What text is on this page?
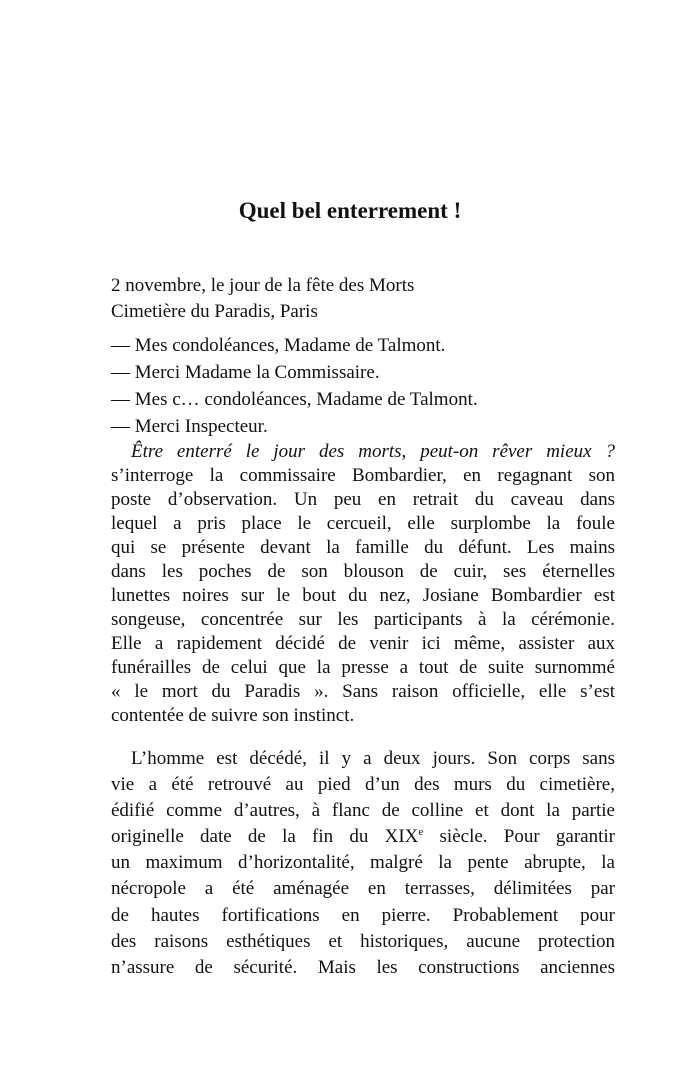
Quel bel enterrement !
2 novembre, le jour de la fête des Morts
Cimetière du Paradis, Paris
— Mes condoléances, Madame de Talmont.
— Merci Madame la Commissaire.
— Mes c… condoléances, Madame de Talmont.
— Merci Inspecteur.
Être enterré le jour des morts, peut-on rêver mieux ?
s’interroge la commissaire Bombardier, en regagnant son
poste d’observation. Un peu en retrait du caveau dans
lequel a pris place le cercueil, elle surplombe la foule
qui se présente devant la famille du défunt. Les mains
dans les poches de son blouson de cuir, ses éternelles
lunettes noires sur le bout du nez, Josiane Bombardier est
songeuse, concentrée sur les participants à la cérémonie.
Elle a rapidement décidé de venir ici même, assister aux
funérailles de celui que la presse a tout de suite surnommé
« le mort du Paradis ». Sans raison officielle, elle s’est
contentée de suivre son instinct.
L’homme est décédé, il y a deux jours. Son corps sans
vie a été retrouvé au pied d’un des murs du cimetière,
édifié comme d’autres, à flanc de colline et dont la partie
originelle date de la fin du XIXe siècle. Pour garantir
un maximum d’horizontalité, malgré la pente abrupte, la
nécropole a été aménagée en terrasses, délimitées par
de hautes fortifications en pierre. Probablement pour
des raisons esthétiques et historiques, aucune protection
n’assure de sécurité. Mais les constructions anciennes
